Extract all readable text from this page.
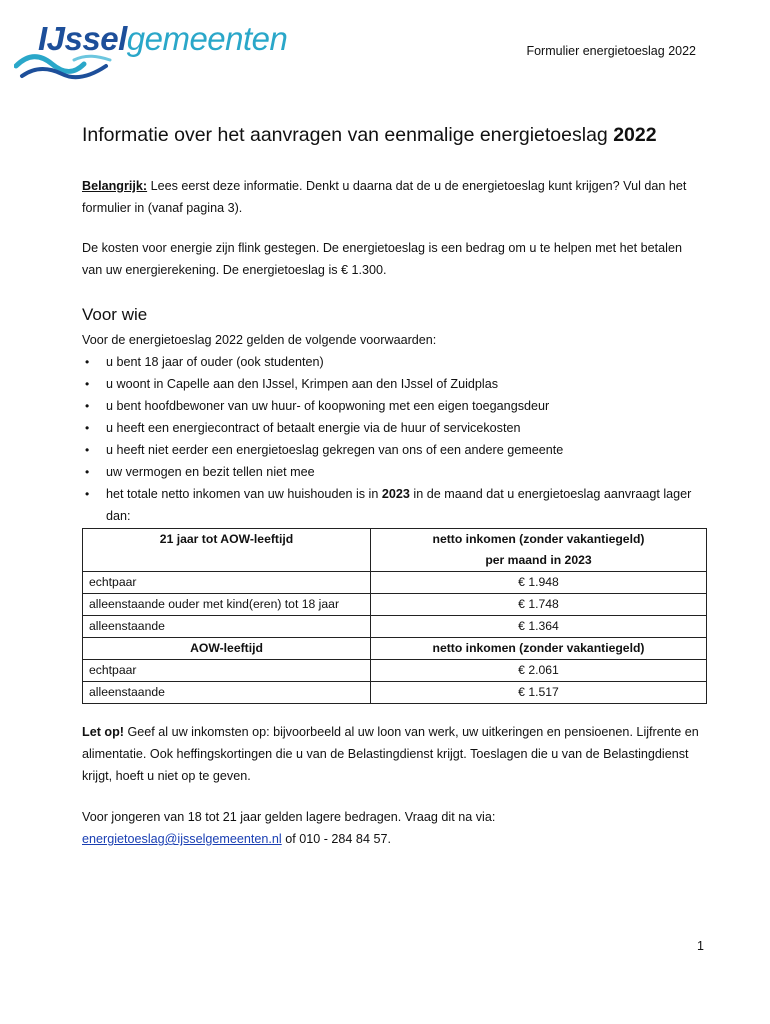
IJsselgemeenten	Formulier energietoeslag 2022
Informatie over het aanvragen van eenmalige energietoeslag 2022
Belangrijk: Lees eerst deze informatie. Denkt u daarna dat de u de energietoeslag kunt krijgen? Vul dan het formulier in (vanaf pagina 3).
De kosten voor energie zijn flink gestegen. De energietoeslag is een bedrag om u te helpen met het betalen van uw energierekening. De energietoeslag is € 1.300.
Voor wie
Voor de energietoeslag 2022 gelden de volgende voorwaarden:
• u bent 18 jaar of ouder (ook studenten)
• u woont in Capelle aan den IJssel, Krimpen aan den IJssel of Zuidplas
• u bent hoofdbewoner van uw huur- of koopwoning met een eigen toegangsdeur
• u heeft een energiecontract of betaalt energie via de huur of servicekosten
• u heeft niet eerder een energietoeslag gekregen van ons of een andere gemeente
• uw vermogen en bezit tellen niet mee
• het totale netto inkomen van uw huishouden is in 2023 in de maand dat u energietoeslag aanvraagt lager dan:
21 jaar tot AOW-leeftijd	netto inkomen (zonder vakantiegeld)
per maand in 2023
echtpaar	€ 1.948
alleenstaande ouder met kind(eren) tot 18 jaar	€ 1.748
alleenstaande	€ 1.364
AOW-leeftijd	netto inkomen (zonder vakantiegeld)
echtpaar	€ 2.061
alleenstaande	€ 1.517
Let op! Geef al uw inkomsten op: bijvoorbeeld al uw loon van werk, uw uitkeringen en pensioenen. Lijfrente en alimentatie. Ook heffingskortingen die u van de Belastingdienst krijgt. Toeslagen die u van de Belastingdienst krijgt, hoeft u niet op te geven.
Voor jongeren van 18 tot 21 jaar gelden lagere bedragen. Vraag dit na via:
energietoeslag@ijsselgemeenten.nl of 010 - 284 84 57.
1
